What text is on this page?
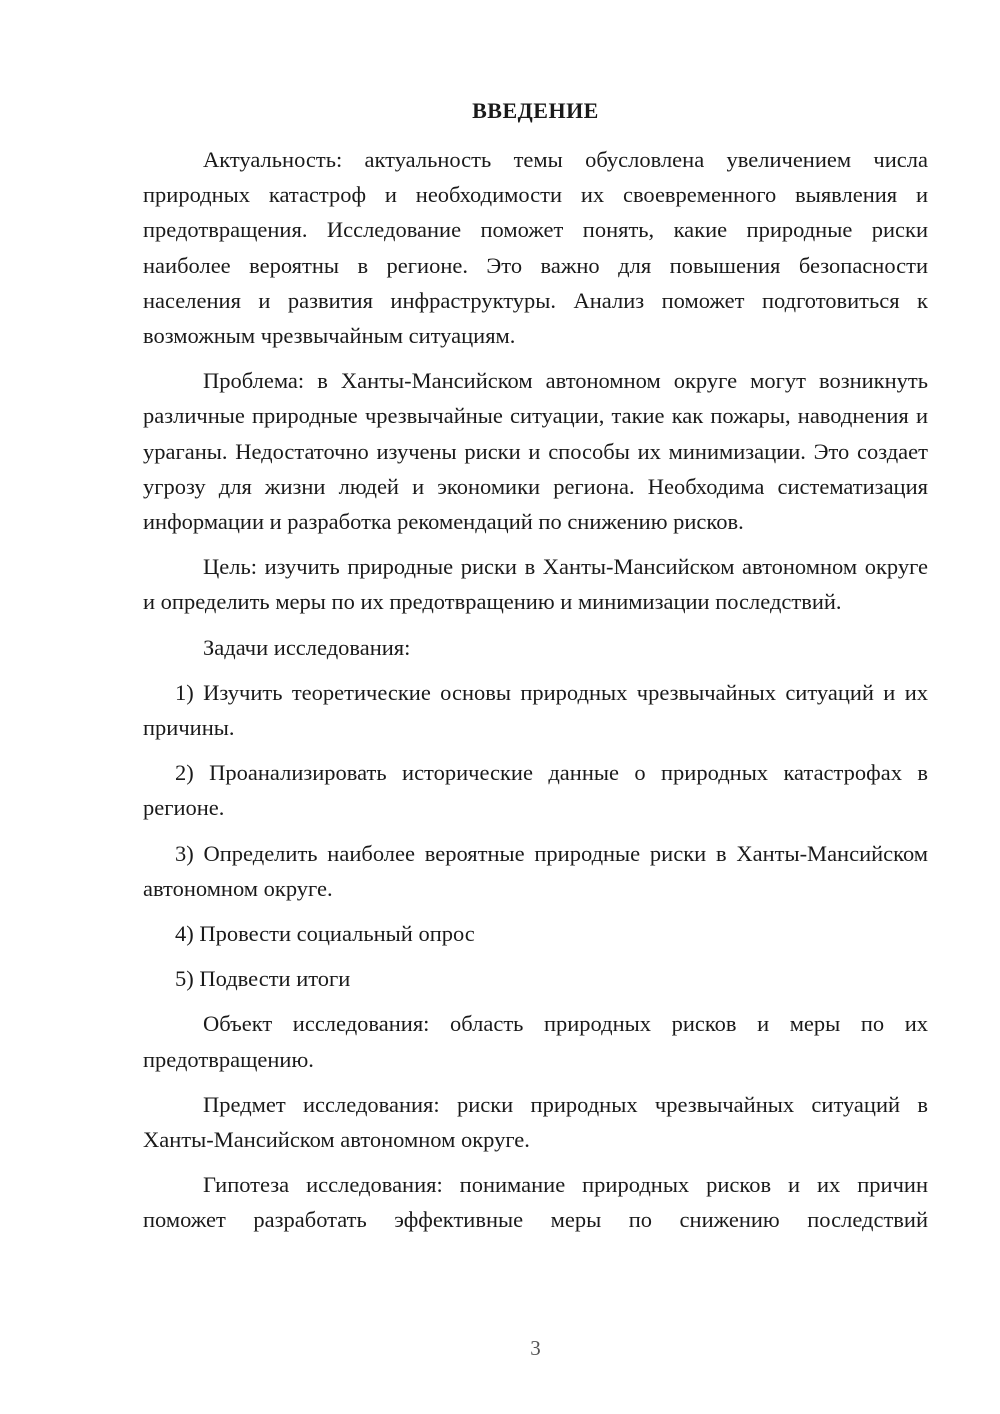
ВВЕДЕНИЕ

Актуальность: актуальность темы обусловлена увеличением числа природных катастроф и необходимости их своевременного выявления и предотвращения. Исследование поможет понять, какие природные риски наиболее вероятны в регионе. Это важно для повышения безопасности населения и развития инфраструктуры. Анализ поможет подготовиться к возможным чрезвычайным ситуациям.

Проблема: в Ханты-Мансийском автономном округе могут возникнуть различные природные чрезвычайные ситуации, такие как пожары, наводнения и ураганы. Недостаточно изучены риски и способы их минимизации. Это создает угрозу для жизни людей и экономики региона. Необходима систематизация информации и разработка рекомендаций по снижению рисков.

Цель: изучить природные риски в Ханты-Мансийском автономном округе и определить меры по их предотвращению и минимизации последствий.

Задачи исследования:

1) Изучить теоретические основы природных чрезвычайных ситуаций и их причины.

2) Проанализировать исторические данные о природных катастрофах в регионе.

3) Определить наиболее вероятные природные риски в Ханты-Мансийском автономном округе.

4) Провести социальный опрос

5) Подвести итоги

Объект исследования: область природных рисков и меры по их предотвращению.

Предмет исследования: риски природных чрезвычайных ситуаций в Ханты-Мансийском автономном округе.

Гипотеза исследования: понимание природных рисков и их причин поможет разработать эффективные меры по снижению последствий

3
